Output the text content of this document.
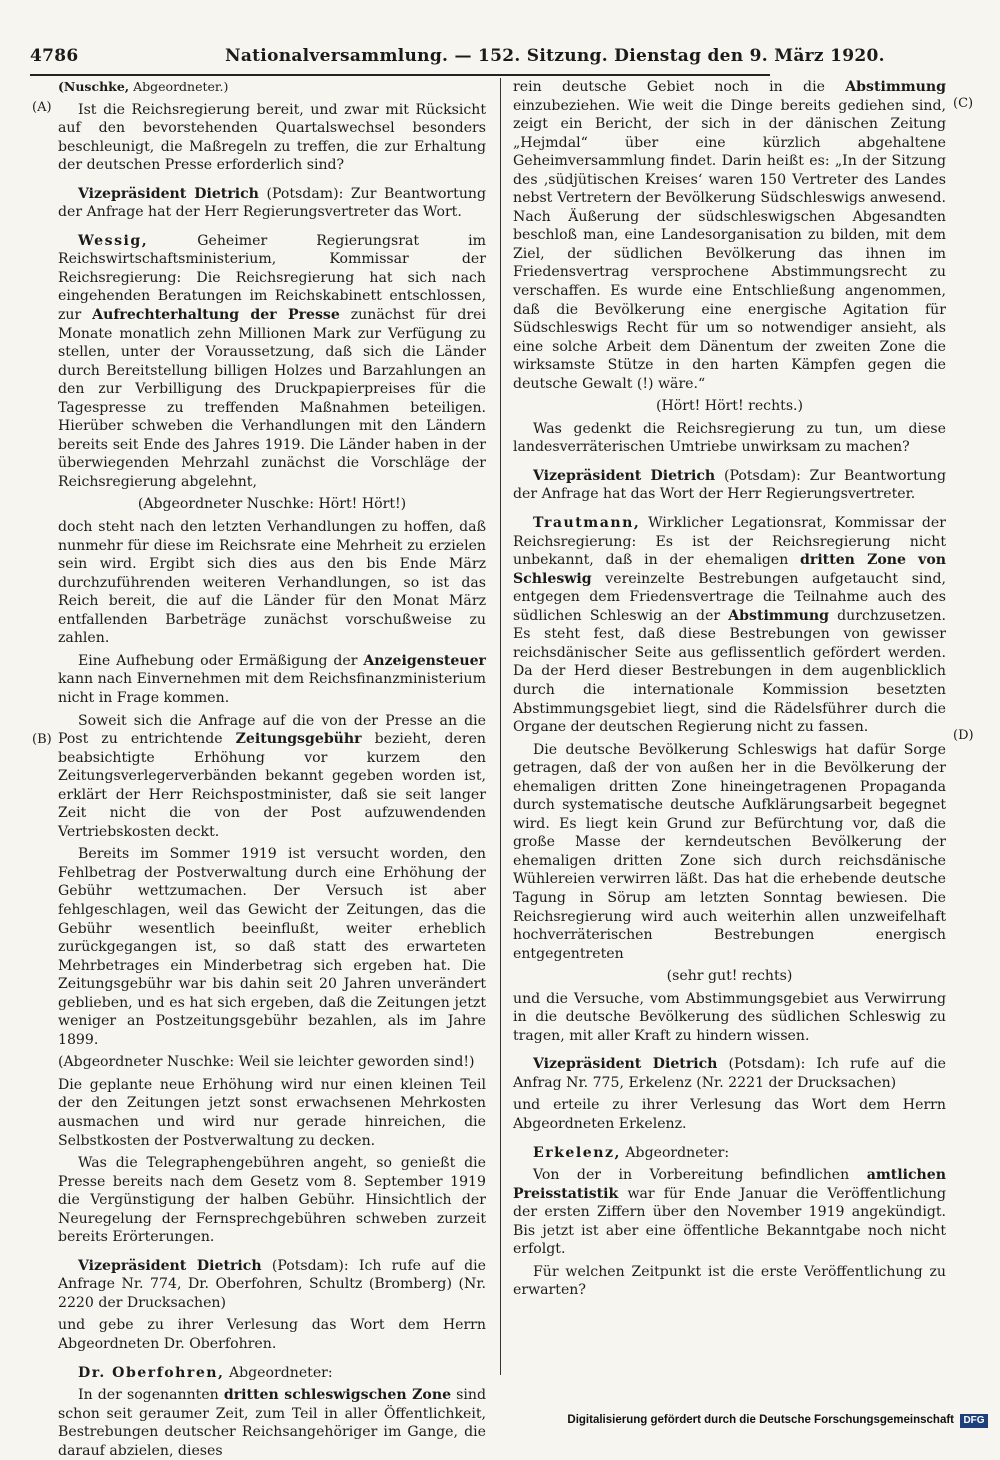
4786	Nationalversammlung. — 152. Sitzung. Dienstag den 9. März 1920.
(A)
(B)
(C)
(D)

(Nuschke, Abgeordneter.)

Ist die Reichsregierung bereit, und zwar mit Rücksicht auf den bevorstehenden Quartalswechsel besonders beschleunigt, die Maßregeln zu treffen, die zur Erhaltung der deutschen Presse erforderlich sind?

Vizepräsident Dietrich (Potsdam): Zur Beantwortung der Anfrage hat der Herr Regierungsvertreter das Wort.

Wessig,	Geheimer Regierungsrat im Reichswirtschaftsministerium, Kommissar der Reichsregierung: Die Reichsregierung hat sich nach eingehenden Beratungen im Reichskabinett entschlossen, zur Aufrechterhaltung der Presse zunächst für drei Monate monatlich zehn Millionen Mark zur Verfügung zu stellen, unter der Voraussetzung, daß sich die Länder durch Bereitstellung billigen Holzes und Barzahlungen an den zur Verbilligung des Druckpapierpreises für die Tagespresse zu treffenden Maßnahmen beteiligen. Hierüber schweben die Verhandlungen mit den Ländern bereits seit Ende des Jahres 1919. Die Länder haben in der überwiegenden Mehrzahl zunächst die Vorschläge der Reichsregierung abgelehnt,

(Abgeordneter Nuschke: Hört! Hört!)

doch steht nach den letzten Verhandlungen zu hoffen, daß nunmehr für diese im Reichsrate eine Mehrheit zu erzielen sein wird. Ergibt sich dies aus den bis Ende März durchzuführenden weiteren Verhandlungen, so ist das Reich bereit, die auf die Länder für den Monat März entfallenden Barbeträge zunächst vorschußweise zu zahlen.

Eine Aufhebung oder Ermäßigung der Anzeigensteuer kann nach Einvernehmen mit dem Reichsfinanzministerium nicht in Frage kommen.

Soweit sich die Anfrage auf die von der Presse an die Post zu entrichtende Zeitungsgebühr bezieht, deren beabsichtigte Erhöhung vor kurzem den Zeitungsverlegerverbänden bekannt gegeben worden ist, erklärt der Herr Reichspostminister, daß sie seit langer Zeit nicht die von der Post aufzuwendenden Vertriebskosten deckt.

Bereits im Sommer 1919 ist versucht worden, den Fehlbetrag der Postverwaltung durch eine Erhöhung der Gebühr wettzumachen. Der Versuch ist aber fehlgeschlagen, weil das Gewicht der Zeitungen, das die Gebühr wesentlich beeinflußt, weiter erheblich zurückgegangen ist, so daß statt des erwarteten Mehrbetrages ein Minderbetrag sich ergeben hat. Die Zeitungsgebühr war bis dahin seit 20 Jahren unverändert geblieben, und es hat sich ergeben, daß die Zeitungen jetzt weniger an Postzeitungsgebühr bezahlen, als im Jahre 1899.

(Abgeordneter Nuschke: Weil sie leichter geworden sind!)

Die geplante neue Erhöhung wird nur einen kleinen Teil der den Zeitungen jetzt sonst erwachsenen Mehrkosten ausmachen und wird nur gerade hinreichen, die Selbstkosten der Postverwaltung zu decken.

Was die Telegraphengebühren angeht, so genießt die Presse bereits nach dem Gesetz vom 8. September 1919 die Vergünstigung der halben Gebühr. Hinsichtlich der Neuregelung der Fernsprechgebühren schweben zurzeit bereits Erörterungen.

Vizepräsident Dietrich (Potsdam): Ich rufe auf die Anfrage Nr. 774, Dr. Oberfohren, Schultz (Bromberg) (Nr. 2220 der Drucksachen)

und gebe zu ihrer Verlesung das Wort dem Herrn Abgeordneten Dr. Oberfohren.

Dr. Oberfohren, Abgeordneter:

In der sogenannten dritten schleswigschen Zone sind schon seit geraumer Zeit, zum Teil in aller Öffentlichkeit, Bestrebungen deutscher Reichsangehöriger im Gange, die darauf abzielen, dieses

rein deutsche Gebiet noch in die Abstimmung einzubeziehen. Wie weit die Dinge bereits gediehen sind, zeigt ein Bericht, der sich in der dänischen Zeitung „Hejmdal“ über eine kürzlich abgehaltene Geheimversammlung findet. Darin heißt es: „In der Sitzung des ‚südjütischen Kreises‘ waren 150 Vertreter des Landes nebst Vertretern der Bevölkerung Südschleswigs anwesend. Nach Äußerung der südschleswigschen Abgesandten beschloß man, eine Landesorganisation zu bilden, mit dem Ziel, der südlichen Bevölkerung das ihnen im Friedensvertrag versprochene Abstimmungsrecht zu verschaffen. Es wurde eine Entschließung angenommen, daß die Bevölkerung eine energische Agitation für Südschleswigs Recht für um so notwendiger ansieht, als eine solche Arbeit dem Dänentum der zweiten Zone die wirksamste Stütze in den harten Kämpfen gegen die deutsche Gewalt (!) wäre.“

(Hört! Hört! rechts.)

Was gedenkt die Reichsregierung zu tun, um diese landesverräterischen Umtriebe unwirksam zu machen?

Vizepräsident Dietrich (Potsdam): Zur Beantwortung der Anfrage hat das Wort der Herr Regierungsvertreter.

Trautmann, Wirklicher Legationsrat, Kommissar der Reichsregierung: Es ist der Reichsregierung nicht unbekannt, daß in der ehemaligen dritten Zone von Schleswig vereinzelte Bestrebungen aufgetaucht sind, entgegen dem Friedensvertrage die Teilnahme auch des südlichen Schleswig an der Abstimmung durchzusetzen. Es steht fest, daß diese Bestrebungen von gewisser reichsdänischer Seite aus geflissentlich gefördert werden. Da der Herd dieser Bestrebungen in dem augenblicklich durch die internationale Kommission besetzten Abstimmungsgebiet liegt, sind die Rädelsführer durch die Organe der deutschen Regierung nicht zu fassen.

Die deutsche Bevölkerung Schleswigs hat dafür Sorge getragen, daß der von außen her in die Bevölkerung der ehemaligen dritten Zone hineingetragenen Propaganda durch systematische deutsche Aufklärungsarbeit begegnet wird. Es liegt kein Grund zur Befürchtung vor, daß die große Masse der kerndeutschen Bevölkerung der ehemaligen dritten Zone sich durch reichsdänische Wühlereien verwirren läßt. Das hat die erhebende deutsche Tagung in Sörup am letzten Sonntag bewiesen. Die Reichsregierung wird auch weiterhin allen unzweifelhaft hochverräterischen Bestrebungen energisch entgegentreten

(sehr gut! rechts)

und die Versuche, vom Abstimmungsgebiet aus Verwirrung in die deutsche Bevölkerung des südlichen Schleswig zu tragen, mit aller Kraft zu hindern wissen.

Vizepräsident Dietrich (Potsdam): Ich rufe auf die Anfrag Nr. 775, Erkelenz (Nr. 2221 der Drucksachen)

und erteile zu ihrer Verlesung das Wort dem Herrn Abgeordneten Erkelenz.

Erkelenz, Abgeordneter:

Von der in Vorbereitung befindlichen amtlichen Preisstatistik war für Ende Januar die Veröffentlichung der ersten Ziffern über den November 1919 angekündigt. Bis jetzt ist aber eine öffentliche Bekanntgabe noch nicht erfolgt.

Für welchen Zeitpunkt ist die erste Veröffentlichung zu erwarten?

Digitalisierung gefördert durch die Deutsche Forschungsgemeinschaft DFG
